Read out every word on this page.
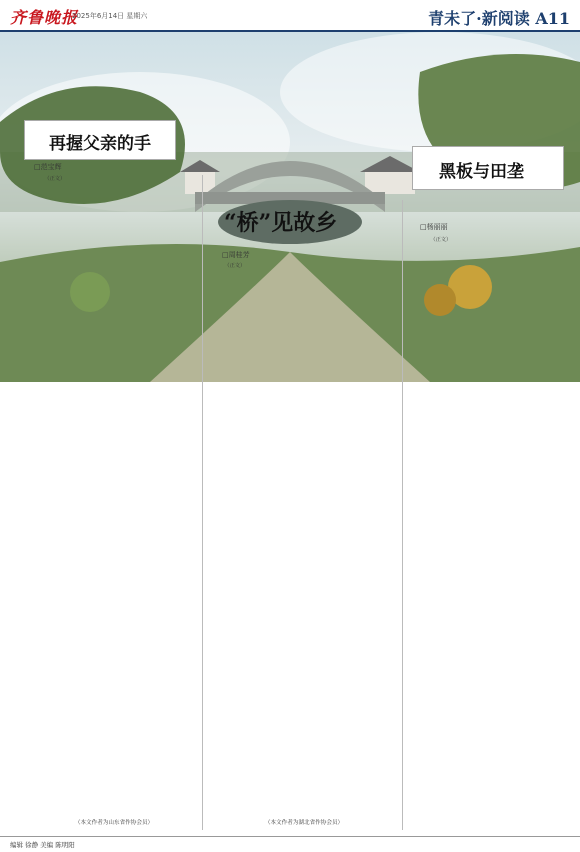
齐鲁晚报
2025年6月14日 星期六	青未了·新阅读 A11
再握父亲的手
□范宝辉
“桥”见故乡
□周桂芳
黑板与田垄
□杨丽丽

（正文）

（本文作者为山东省作协会员）

（正文）

（本文作者为湖北省作协会员）

（正文）

编辑 徐静 美编 陈明阳
